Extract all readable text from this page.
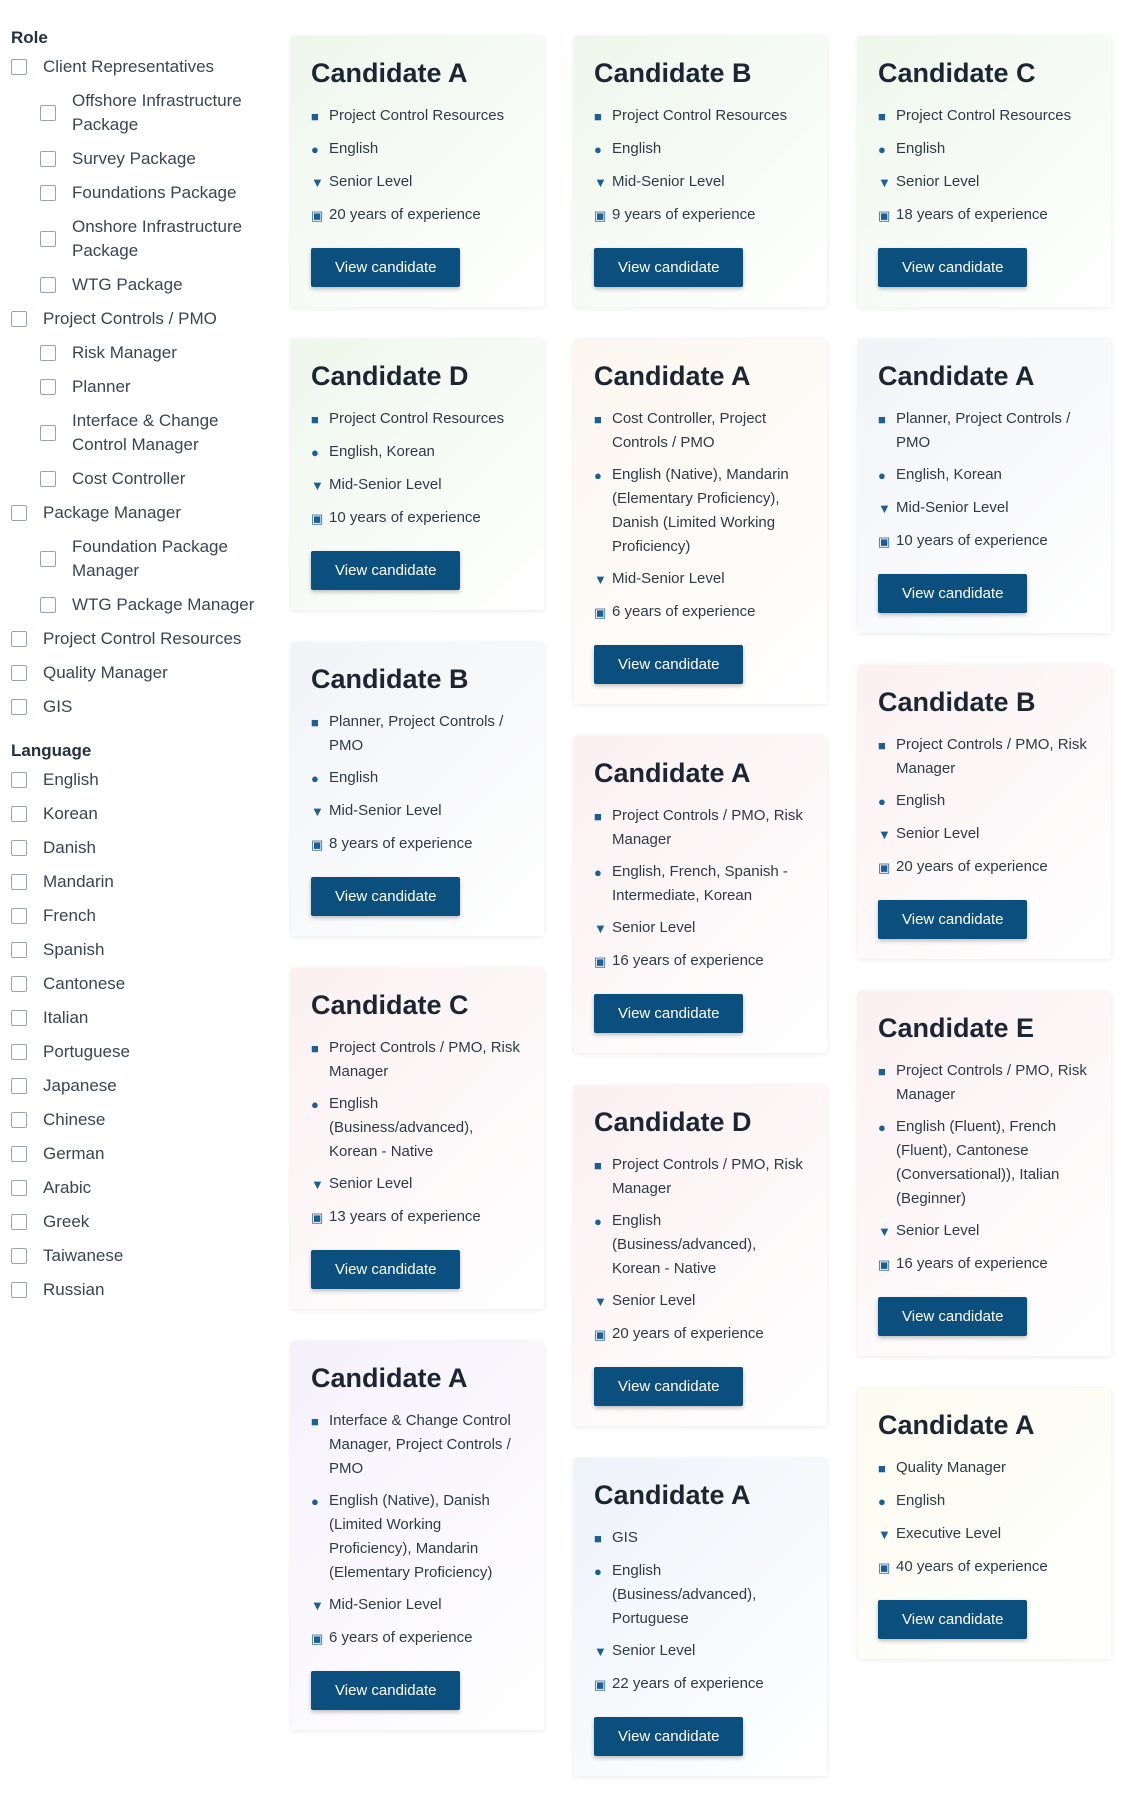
Role
Client Representatives
Offshore Infrastructure Package
Survey Package
Foundations Package
Onshore Infrastructure Package
WTG Package
Project Controls / PMO
Risk Manager
Planner
Interface & Change Control Manager
Cost Controller
Package Manager
Foundation Package Manager
WTG Package Manager
Project Control Resources
Quality Manager
GIS
Language
English
Korean
Danish
Mandarin
French
Spanish
Cantonese
Italian
Portuguese
Japanese
Chinese
German
Arabic
Greek
Taiwanese
Russian
Candidate A
■ Project Control Resources
● English
▼ Senior Level
▣ 20 years of experience
View candidate
Candidate D
■ Project Control Resources
● English, Korean
▼ Mid-Senior Level
▣ 10 years of experience
View candidate
Candidate B
■ Planner, Project Controls / PMO
● English
▼ Mid-Senior Level
▣ 8 years of experience
View candidate
Candidate C
■ Project Controls / PMO, Risk Manager
● English (Business/advanced), Korean - Native
▼ Senior Level
▣ 13 years of experience
View candidate
Candidate A
■ Interface & Change Control Manager, Project Controls / PMO
● English (Native), Danish (Limited Working Proficiency), Mandarin (Elementary Proficiency)
▼ Mid-Senior Level
▣ 6 years of experience
View candidate
Candidate B
■ Project Control Resources
● English
▼ Mid-Senior Level
▣ 9 years of experience
View candidate
Candidate A
■ Cost Controller, Project Controls / PMO
● English (Native), Mandarin (Elementary Proficiency), Danish (Limited Working Proficiency)
▼ Mid-Senior Level
▣ 6 years of experience
View candidate
Candidate A
■ Project Controls / PMO, Risk Manager
● English, French, Spanish - Intermediate, Korean
▼ Senior Level
▣ 16 years of experience
View candidate
Candidate D
■ Project Controls / PMO, Risk Manager
● English (Business/advanced), Korean - Native
▼ Senior Level
▣ 20 years of experience
View candidate
Candidate A
■ GIS
● English (Business/advanced), Portuguese
▼ Senior Level
▣ 22 years of experience
View candidate
Candidate C
■ Project Control Resources
● English
▼ Senior Level
▣ 18 years of experience
View candidate
Candidate A
■ Planner, Project Controls / PMO
● English, Korean
▼ Mid-Senior Level
▣ 10 years of experience
View candidate
Candidate B
■ Project Controls / PMO, Risk Manager
● English
▼ Senior Level
▣ 20 years of experience
View candidate
Candidate E
■ Project Controls / PMO, Risk Manager
● English (Fluent), French (Fluent), Cantonese (Conversational)), Italian (Beginner)
▼ Senior Level
▣ 16 years of experience
View candidate
Candidate A
■ Quality Manager
● English
▼ Executive Level
▣ 40 years of experience
View candidate
